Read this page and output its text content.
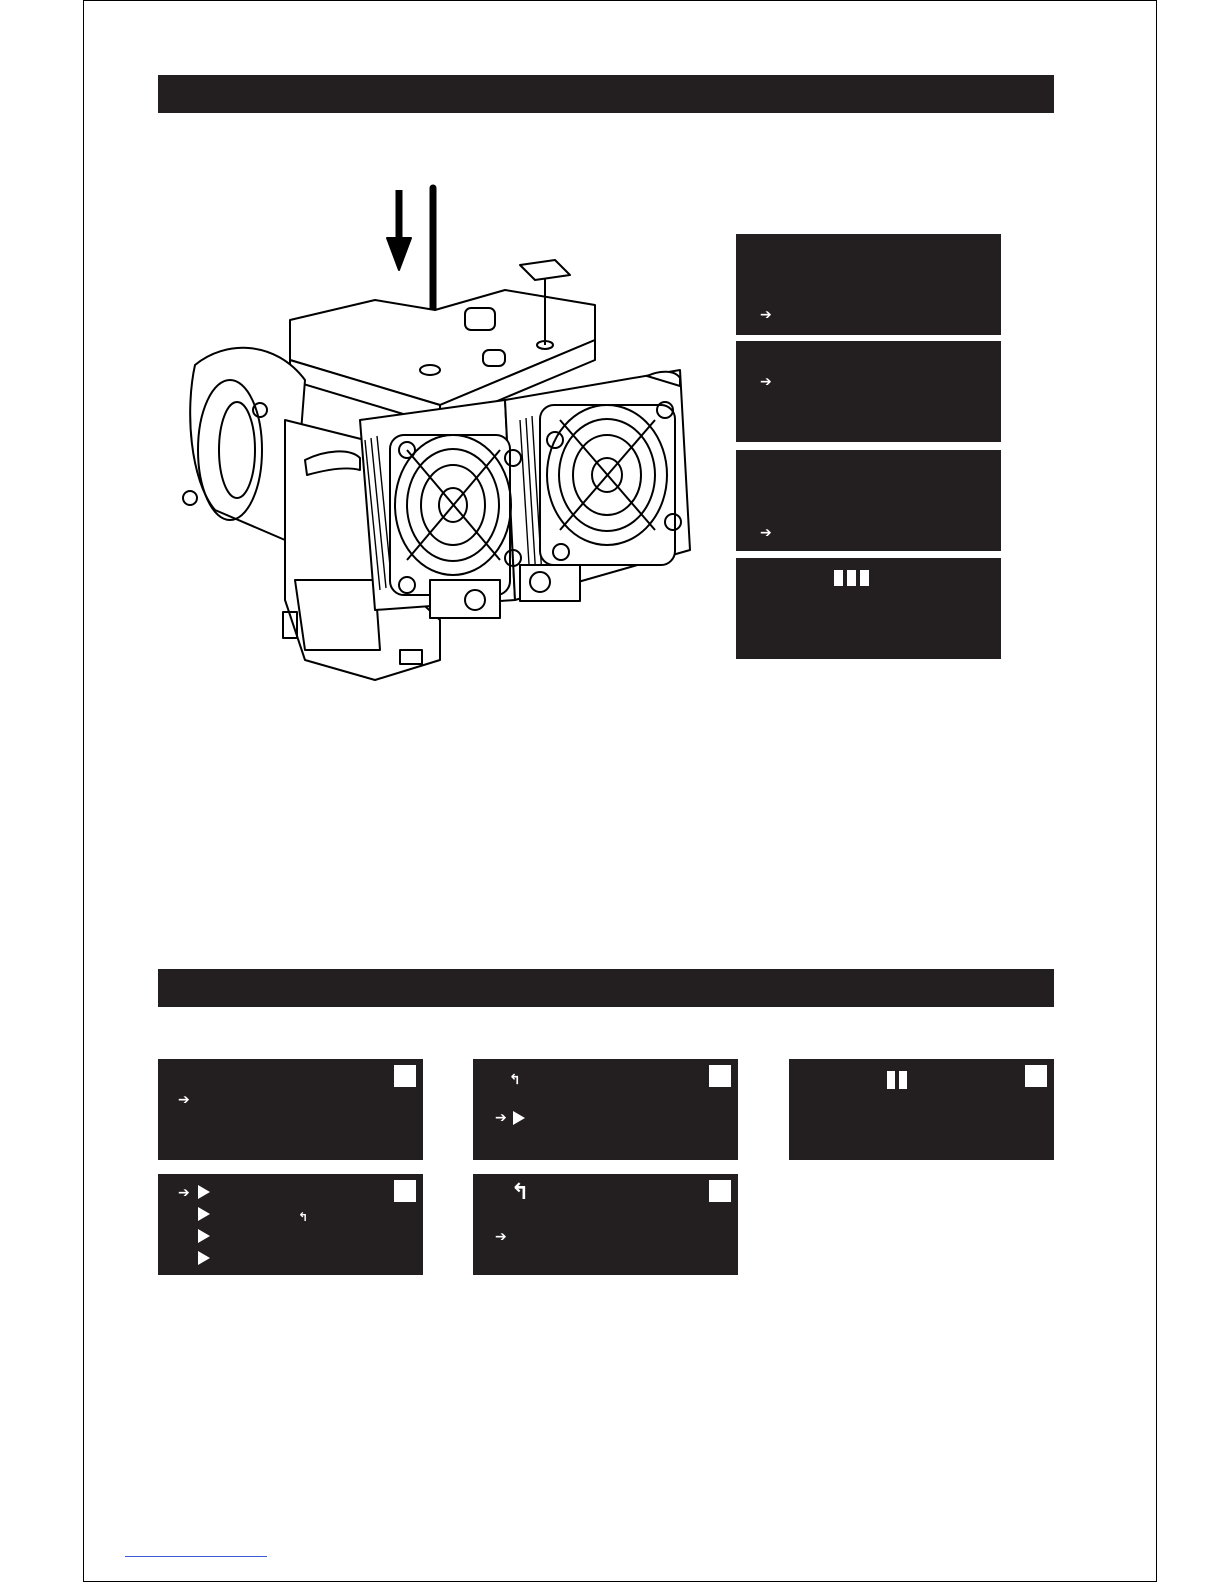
➔
➔
➔
➔
↰
➔
➔
↰
↰
➔
